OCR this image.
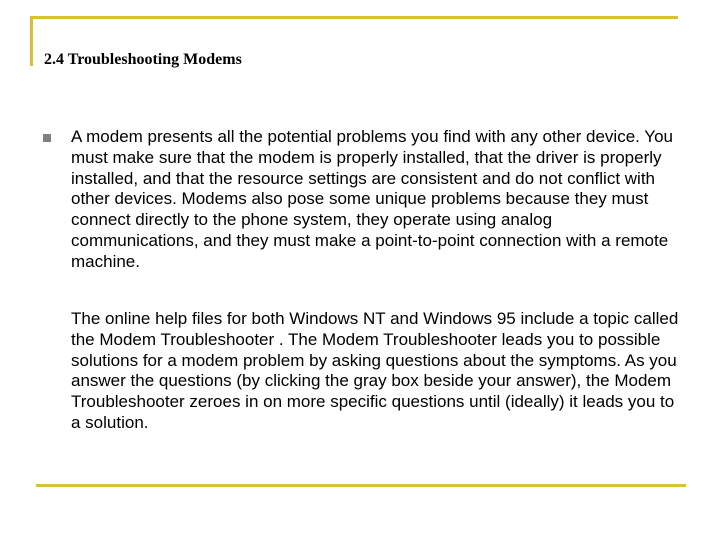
2.4 Troubleshooting Modems

A modem presents all the potential problems you find with any other device. You must make sure that the modem is properly installed, that the driver is properly installed, and that the resource settings are consistent and do not conflict with other devices. Modems also pose some unique problems because they must connect directly to the phone system, they operate using analog communications, and they must make a point-to-point connection with a remote machine.

The online help files for both Windows NT and Windows 95 include a topic called the Modem Troubleshooter . The Modem Troubleshooter leads you to possible solutions for a modem problem by asking questions about the symptoms. As you answer the questions (by clicking the gray box beside your answer), the Modem Troubleshooter zeroes in on more specific questions until (ideally) it leads you to a solution.
